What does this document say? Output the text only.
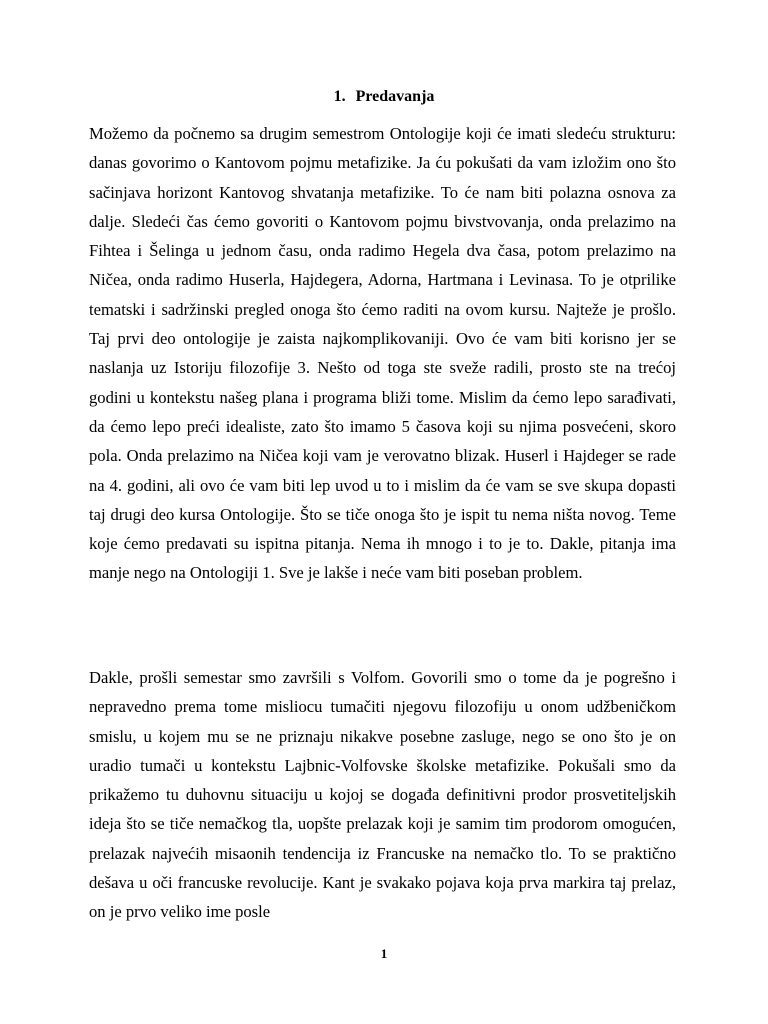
1. Predavanja

Možemo da počnemo sa drugim semestrom Ontologije koji će imati sledeću strukturu: danas govorimo o Kantovom pojmu metafizike. Ja ću pokušati da vam izložim ono što sačinjava horizont Kantovog shvatanja metafizike. To će nam biti polazna osnova za dalje. Sledeći čas ćemo govoriti o Kantovom pojmu bivstvovanja, onda prelazimo na Fihtea i Šelinga u jednom času, onda radimo Hegela dva časa, potom prelazimo na Ničea, onda radimo Huserla, Hajdegera, Adorna, Hartmana i Levinasa. To je otprilike tematski i sadržinski pregled onoga što ćemo raditi na ovom kursu. Najteže je prošlo. Taj prvi deo ontologije je zaista najkomplikovaniji. Ovo će vam biti korisno jer se naslanja uz Istoriju filozofije 3. Nešto od toga ste sveže radili, prosto ste na trećoj godini u kontekstu našeg plana i programa bliži tome. Mislim da ćemo lepo sarađivati, da ćemo lepo preći idealiste, zato što imamo 5 časova koji su njima posvećeni, skoro pola. Onda prelazimo na Ničea koji vam je verovatno blizak. Huserl i Hajdeger se rade na 4. godini, ali ovo će vam biti lep uvod u to i mislim da će vam se sve skupa dopasti taj drugi deo kursa Ontologije. Što se tiče onoga što je ispit tu nema ništa novog. Teme koje ćemo predavati su ispitna pitanja. Nema ih mnogo i to je to. Dakle, pitanja ima manje nego na Ontologiji 1. Sve je lakše i neće vam biti poseban problem.

Dakle, prošli semestar smo završili s Volfom. Govorili smo o tome da je pogrešno i nepravedno prema tome misliocu tumačiti njegovu filozofiju u onom udžbeničkom smislu, u kojem mu se ne priznaju nikakve posebne zasluge, nego se ono što je on uradio tumači u kontekstu Lajbnic-Volfovske školske metafizike. Pokušali smo da prikažemo tu duhovnu situaciju u kojoj se događa definitivni prodor prosvetiteljskih ideja što se tiče nemačkog tla, uopšte prelazak koji je samim tim prodorom omogućen, prelazak najvećih misaonih tendencija iz Francuske na nemačko tlo. To se praktično dešava u oči francuske revolucije. Kant je svakako pojava koja prva markira taj prelaz, on je prvo veliko ime posle

1
